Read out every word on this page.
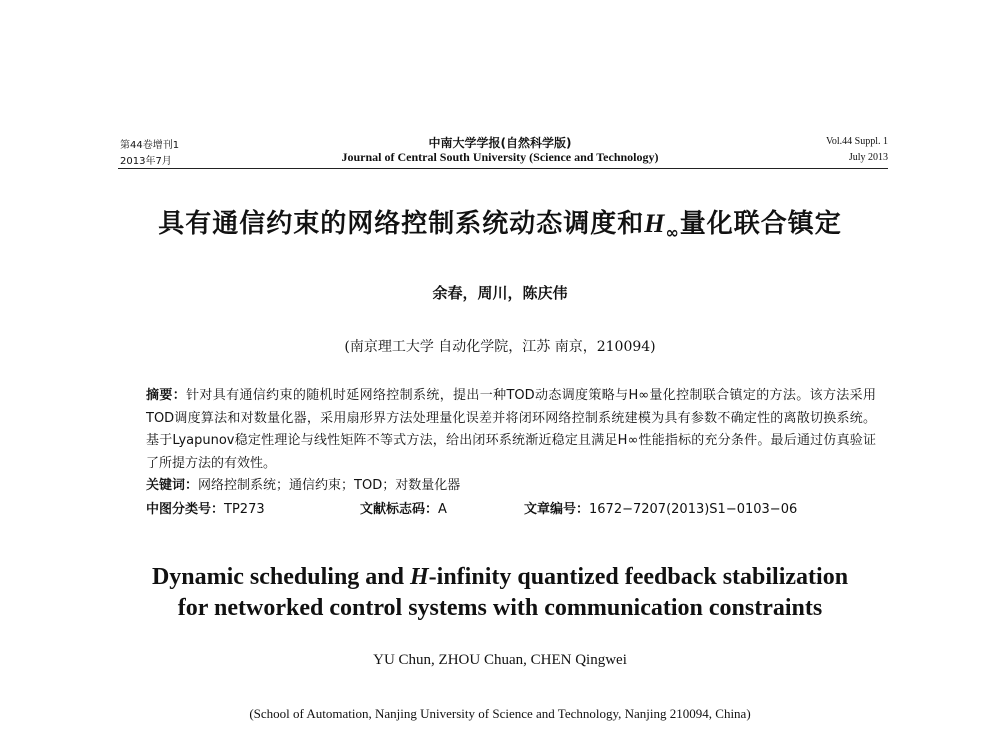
第44卷增刊1
2013年7月
中南大学学报(自然科学版)
Journal of Central South University (Science and Technology)
Vol.44 Suppl. 1
July 2013
具有通信约束的网络控制系统动态调度和$H_\infty$量化联合镇定
余春，周川，陈庆伟
(南京理工大学 自动化学院，江苏 南京，210094)
摘要：针对具有通信约束的随机时延网络控制系统，提出一种TOD动态调度策略与H∞量化控制联合镇定的方法。该方法采用TOD调度算法和对数量化器，采用扇形界方法处理量化误差并将闭环网络控制系统建模为具有参数不确定性的离散切换系统。基于Lyapunov稳定性理论与线性矩阵不等式方法，给出闭环系统渐近稳定且满足H∞性能指标的充分条件。最后通过仿真验证了所提方法的有效性。
关键词：网络控制系统；通信约束；TOD；对数量化器
中图分类号：TP273	文献标志码：A	文章编号：1672−7207(2013)S1−0103−06
Dynamic scheduling and H-infinity quantized feedback stabilization
for networked control systems with communication constraints
YU Chun, ZHOU Chuan, CHEN Qingwei
(School of Automation, Nanjing University of Science and Technology, Nanjing 210094, China)
